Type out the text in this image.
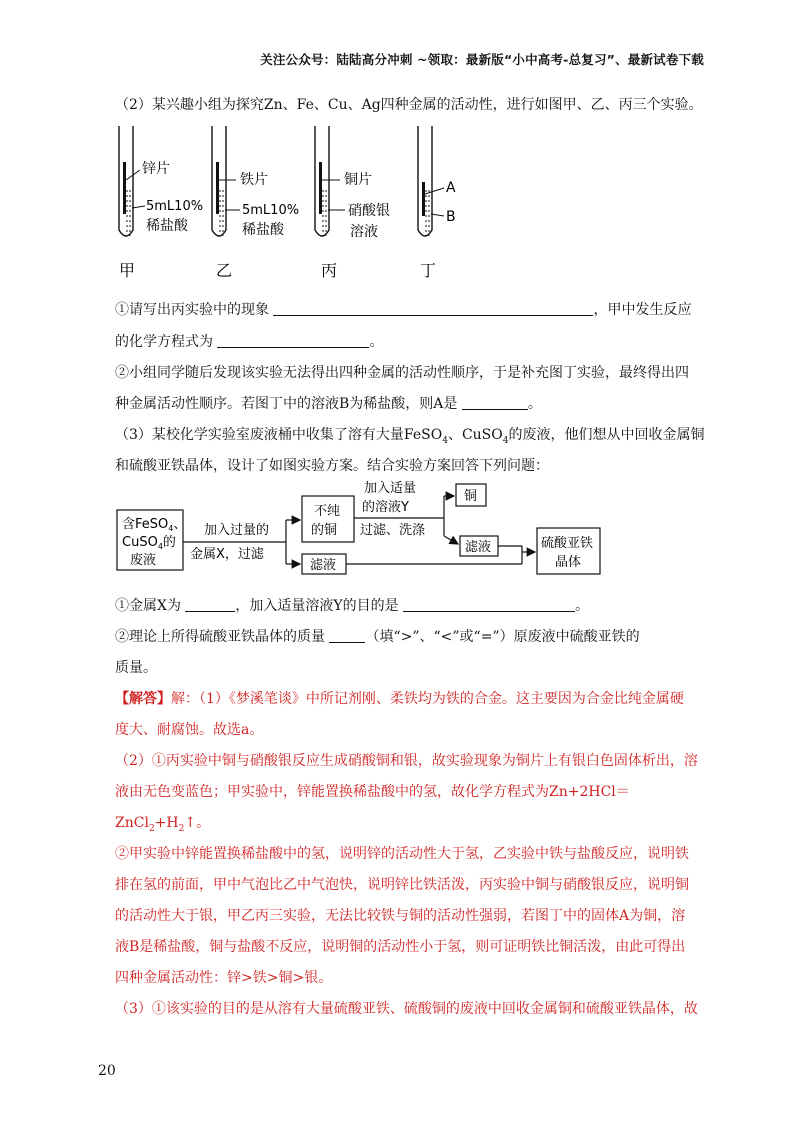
关注公众号：陆陆高分冲刺 ~领取：最新版“小中高考-总复习”、最新试卷下载
（2）某兴趣小组为探究Zn、Fe、Cu、Ag四种金属的活动性，进行如图甲、乙、丙三个实验。
锌片
5mL10%
稀盐酸
铁片
5mL10%
稀盐酸
铜片
硝酸银
溶液
A
B
甲	乙	丙	丁
①请写出丙实验中的现象	，甲中发生反应
的化学方程式为	。
②小组同学随后发现该实验无法得出四种金属的活动性顺序，于是补充图丁实验，最终得出四
种金属活动性顺序。若图丁中的溶液B为稀盐酸，则A是	。
（3）某校化学实验室废液桶中收集了溶有大量FeSO$_4$、CuSO$_4$的废液，他们想从中回收金属铜
和硫酸亚铁晶体，设计了如图实验方案。结合实验方案回答下列问题：
含FeSO$_4$、
CuSO$_4$的
废液
加入过量的
金属X，过滤
不纯
的铜
加入适量
的溶液Y
过滤、洗涤
铜
滤液
滤液
硫酸亚铁
晶体
①金属X为	，加入适量溶液Y的目的是	。
②理论上所得硫酸亚铁晶体的质量	（填“>”、“<”或“=”）原废液中硫酸亚铁的
质量。
【解答】解：（1）《梦溪笔谈》中所记剂刚、柔铁均为铁的合金。这主要因为合金比纯金属硬
度大、耐腐蚀。故选a。
（2）①丙实验中铜与硝酸银反应生成硝酸铜和银，故实验现象为铜片上有银白色固体析出，溶
液由无色变蓝色；甲实验中，锌能置换稀盐酸中的氢，故化学方程式为Zn+2HCl＝
$ZnCl_2+H_2↑$。
②甲实验中锌能置换稀盐酸中的氢，说明锌的活动性大于氢，乙实验中铁与盐酸反应，说明铁
排在氢的前面，甲中气泡比乙中气泡快，说明锌比铁活泼，丙实验中铜与硝酸银反应，说明铜
的活动性大于银，甲乙丙三实验，无法比较铁与铜的活动性强弱，若图丁中的固体A为铜，溶
液B是稀盐酸，铜与盐酸不反应，说明铜的活动性小于氢，则可证明铁比铜活泼，由此可得出
四种金属活动性：锌>铁>铜>银。
（3）①该实验的目的是从溶有大量硫酸亚铁、硫酸铜的废液中回收金属铜和硫酸亚铁晶体，故
20
